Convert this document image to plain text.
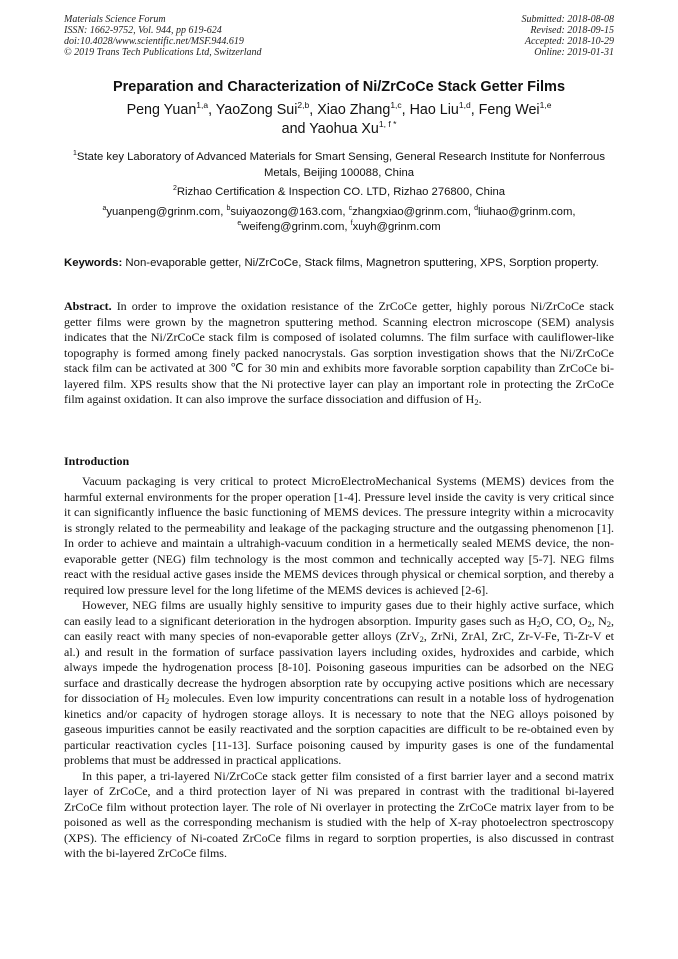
Materials Science Forum
ISSN: 1662-9752, Vol. 944, pp 619-624
doi:10.4028/www.scientific.net/MSF.944.619
© 2019 Trans Tech Publications Ltd, Switzerland
Submitted: 2018-08-08
Revised: 2018-09-15
Accepted: 2018-10-29
Online: 2019-01-31
Preparation and Characterization of Ni/ZrCoCe Stack Getter Films
Peng Yuan$^{1,a}$, YaoZong Sui$^{2,b}$, Xiao Zhang$^{1,c}$, Hao Liu$^{1,d}$, Feng Wei$^{1,e}$
and Yaohua $Xu^{1, f *}$
$^1$State key Laboratory of Advanced Materials for Smart Sensing, General Research Institute for Nonferrous Metals, Beijing 100088, China
$^2$Rizhao Certification & Inspection CO. LTD, Rizhao 276800, China
$^a$yuanpeng@grinm.com, $^b$suiyaozong@163.com, $^c$zhangxiao@grinm.com, $^d$liuhao@grinm.com,
$^e$weifeng@grinm.com, $^f$xuyh@grinm.com
Keywords: Non-evaporable getter, Ni/ZrCoCe, Stack films, Magnetron sputtering, XPS, Sorption property.
Abstract. In order to improve the oxidation resistance of the ZrCoCe getter, highly porous Ni/ZrCoCe stack getter films were grown by the magnetron sputtering method. Scanning electron microscope (SEM) analysis indicates that the Ni/ZrCoCe stack film is composed of isolated columns. The film surface with cauliflower-like topography is formed among finely packed nanocrystals. Gas sorption investigation shows that the Ni/ZrCoCe stack film can be activated at 300 ℃ for 30 min and exhibits more favorable sorption capability than ZrCoCe bi-layered film. XPS results show that the Ni protective layer can play an important role in protecting the ZrCoCe film against oxidation. It can also improve the surface dissociation and diffusion of $H_2$.
Introduction

Vacuum packaging is very critical to protect MicroElectroMechanical Systems (MEMS) devices from the harmful external environments for the proper operation [1-4]. Pressure level inside the cavity is very critical since it can significantly influence the basic functioning of MEMS devices. The pressure integrity within a microcavity is strongly related to the permeability and leakage of the packaging structure and the outgassing phenomenon [1]. In order to achieve and maintain a ultrahigh-vacuum condition in a hermetically sealed MEMS device, the non-evaporable getter (NEG) film technology is the most common and technically accepted way [5-7]. NEG films react with the residual active gases inside the MEMS devices through physical or chemical sorption, and thereby a required low pressure level for the long lifetime of the MEMS devices is achieved [2-6].

However, NEG films are usually highly sensitive to impurity gases due to their highly active surface, which can easily lead to a significant deterioration in the hydrogen absorption. Impurity gases such as $H_2O$, CO, $O_2$, $N_2$, can easily react with many species of non-evaporable getter alloys (ZrV$_2$, ZrNi, ZrAl, ZrC, Zr-V-Fe, Ti-Zr-V et al.) and result in the formation of surface passivation layers including oxides, hydroxides and carbide, which always impede the hydrogenation process [8-10]. Poisoning gaseous impurities can be adsorbed on the NEG surface and drastically decrease the hydrogen absorption rate by occupying active positions which are necessary for dissociation of $H_2$ molecules. Even low impurity concentrations can result in a notable loss of hydrogenation kinetics and/or capacity of hydrogen storage alloys. It is necessary to note that the NEG alloys poisoned by gaseous impurities cannot be easily reactivated and the sorption capacities are difficult to be re-obtained even by particular reactivation cycles [11-13]. Surface poisoning caused by impurity gases is one of the fundamental problems that must be addressed in practical applications.

In this paper, a tri-layered Ni/ZrCoCe stack getter film consisted of a first barrier layer and a second matrix layer of ZrCoCe, and a third protection layer of Ni was prepared in contrast with the traditional bi-layered ZrCoCe film without protection layer. The role of Ni overlayer in protecting the ZrCoCe matrix layer from to be poisoned as well as the corresponding mechanism is studied with the help of X-ray photoelectron spectroscopy (XPS). The efficiency of Ni-coated ZrCoCe films in regard to sorption properties, is also discussed in contrast with the bi-layered ZrCoCe films.
